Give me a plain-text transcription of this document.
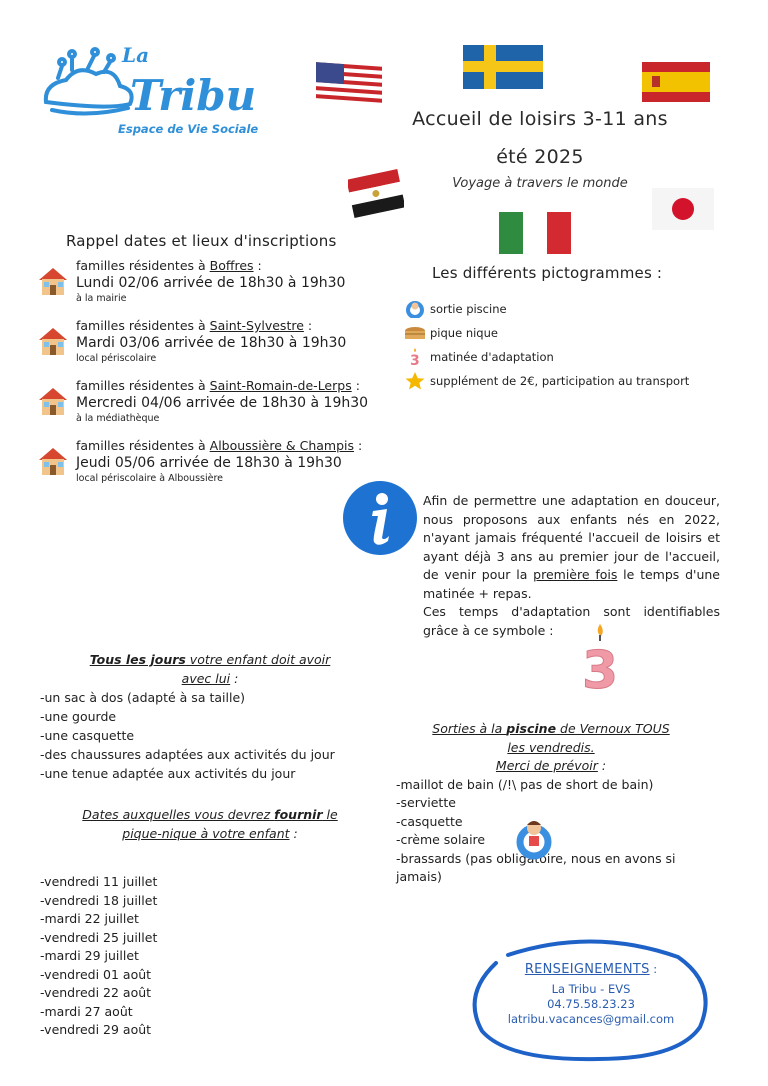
La
Tribu
Espace de Vie Sociale	Accueil de loisirs 3-11 ans
été 2025
Voyage à travers le monde
Rappel dates et lieux d'inscriptions
familles résidentes à Boffres :
Lundi 02/06 arrivée de 18h30 à 19h30
à la mairie
familles résidentes à Saint-Sylvestre :
Mardi 03/06 arrivée de 18h30 à 19h30
local périscolaire
familles résidentes à Saint-Romain-de-Lerps :
Mercredi 04/06 arrivée de 18h30 à 19h30
à la médiathèque
familles résidentes à Alboussière & Champis :
Jeudi 05/06 arrivée de 18h30 à 19h30
local périscolaire à Alboussière
Les différents pictogrammes :
sortie piscine
pique nique
3 matinée d'adaptation
supplément de 2€, participation au transport

Afin de permettre une adaptation en douceur, nous proposons aux enfants nés en 2022, n'ayant jamais fréquenté l'accueil de loisirs et ayant déjà 3 ans au premier jour de l'accueil, de venir pour la première fois le temps d'une matinée + repas.

Ces temps d'adaptation sont identifiables grâce à ce symbole :

3
Tous les jours votre enfant doit avoir
avec lui :
-un sac à dos (adapté à sa taille)
-une gourde
-une casquette
-des chaussures adaptées aux activités du jour
-une tenue adaptée aux activités du jour
Dates auxquelles vous devrez fournir le
pique-nique à votre enfant :
-vendredi 11 juillet
-vendredi 18 juillet
-mardi 22 juillet
-vendredi 25 juillet
-mardi 29 juillet
-vendredi 01 août
-vendredi 22 août
-mardi 27 août
-vendredi 29 août
Sorties à la piscine de Vernoux TOUS
les vendredis.
Merci de prévoir :
-maillot de bain (/!\ pas de short de bain)
-serviette
-casquette
-crème solaire
-brassards (pas obligatoire, nous en avons si jamais)
RENSEIGNEMENTS :
La Tribu - EVS
04.75.58.23.23
latribu.vacances@gmail.com
